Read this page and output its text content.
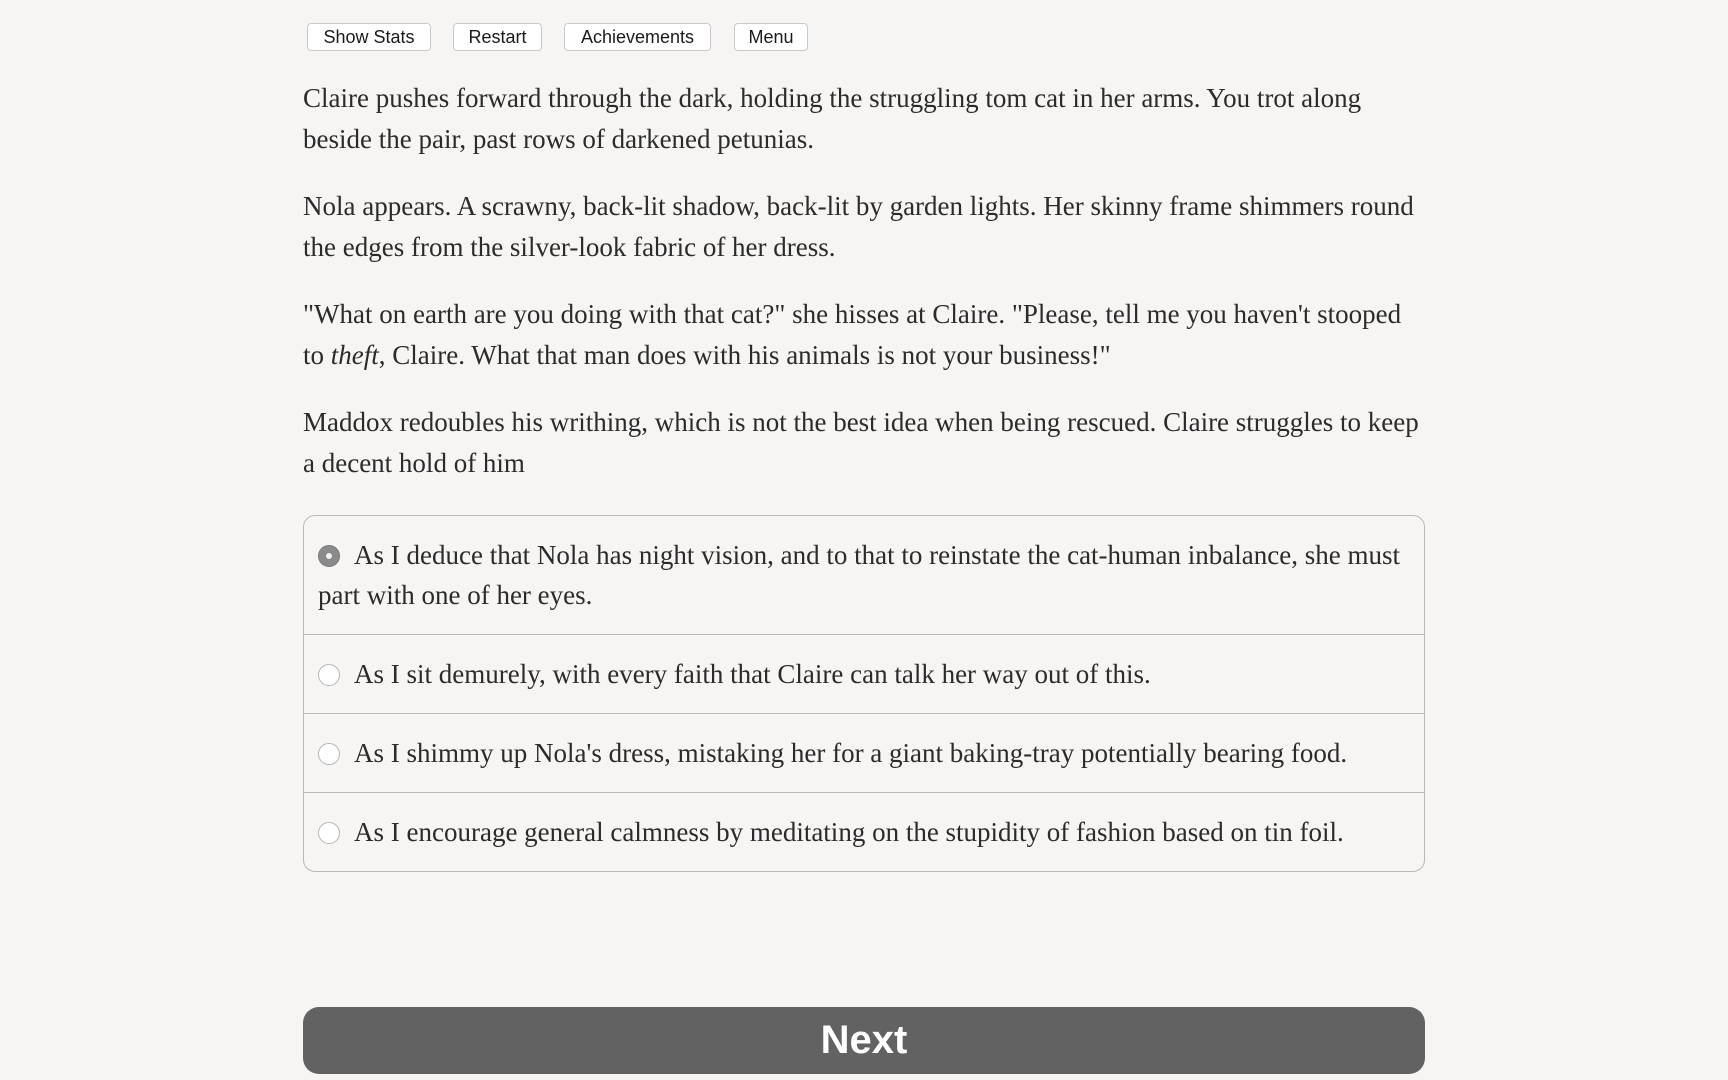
Show Stats	Restart	Achievements	Menu

Claire pushes forward through the dark, holding the struggling tom cat in her arms. You trot along beside the pair, past rows of darkened petunias.

Nola appears. A scrawny, back-lit shadow, back-lit by garden lights. Her skinny frame shimmers round the edges from the silver-look fabric of her dress.

"What on earth are you doing with that cat?" she hisses at Claire. "Please, tell me you haven't stooped to theft, Claire. What that man does with his animals is not your business!"

Maddox redoubles his writhing, which is not the best idea when being rescued. Claire struggles to keep a decent hold of him

As I deduce that Nola has night vision, and to that to reinstate the cat-human inbalance, she must part with one of her eyes.
As I sit demurely, with every faith that Claire can talk her way out of this.
As I shimmy up Nola's dress, mistaking her for a giant baking-tray potentially bearing food.
As I encourage general calmness by meditating on the stupidity of fashion based on tin foil.
Next
